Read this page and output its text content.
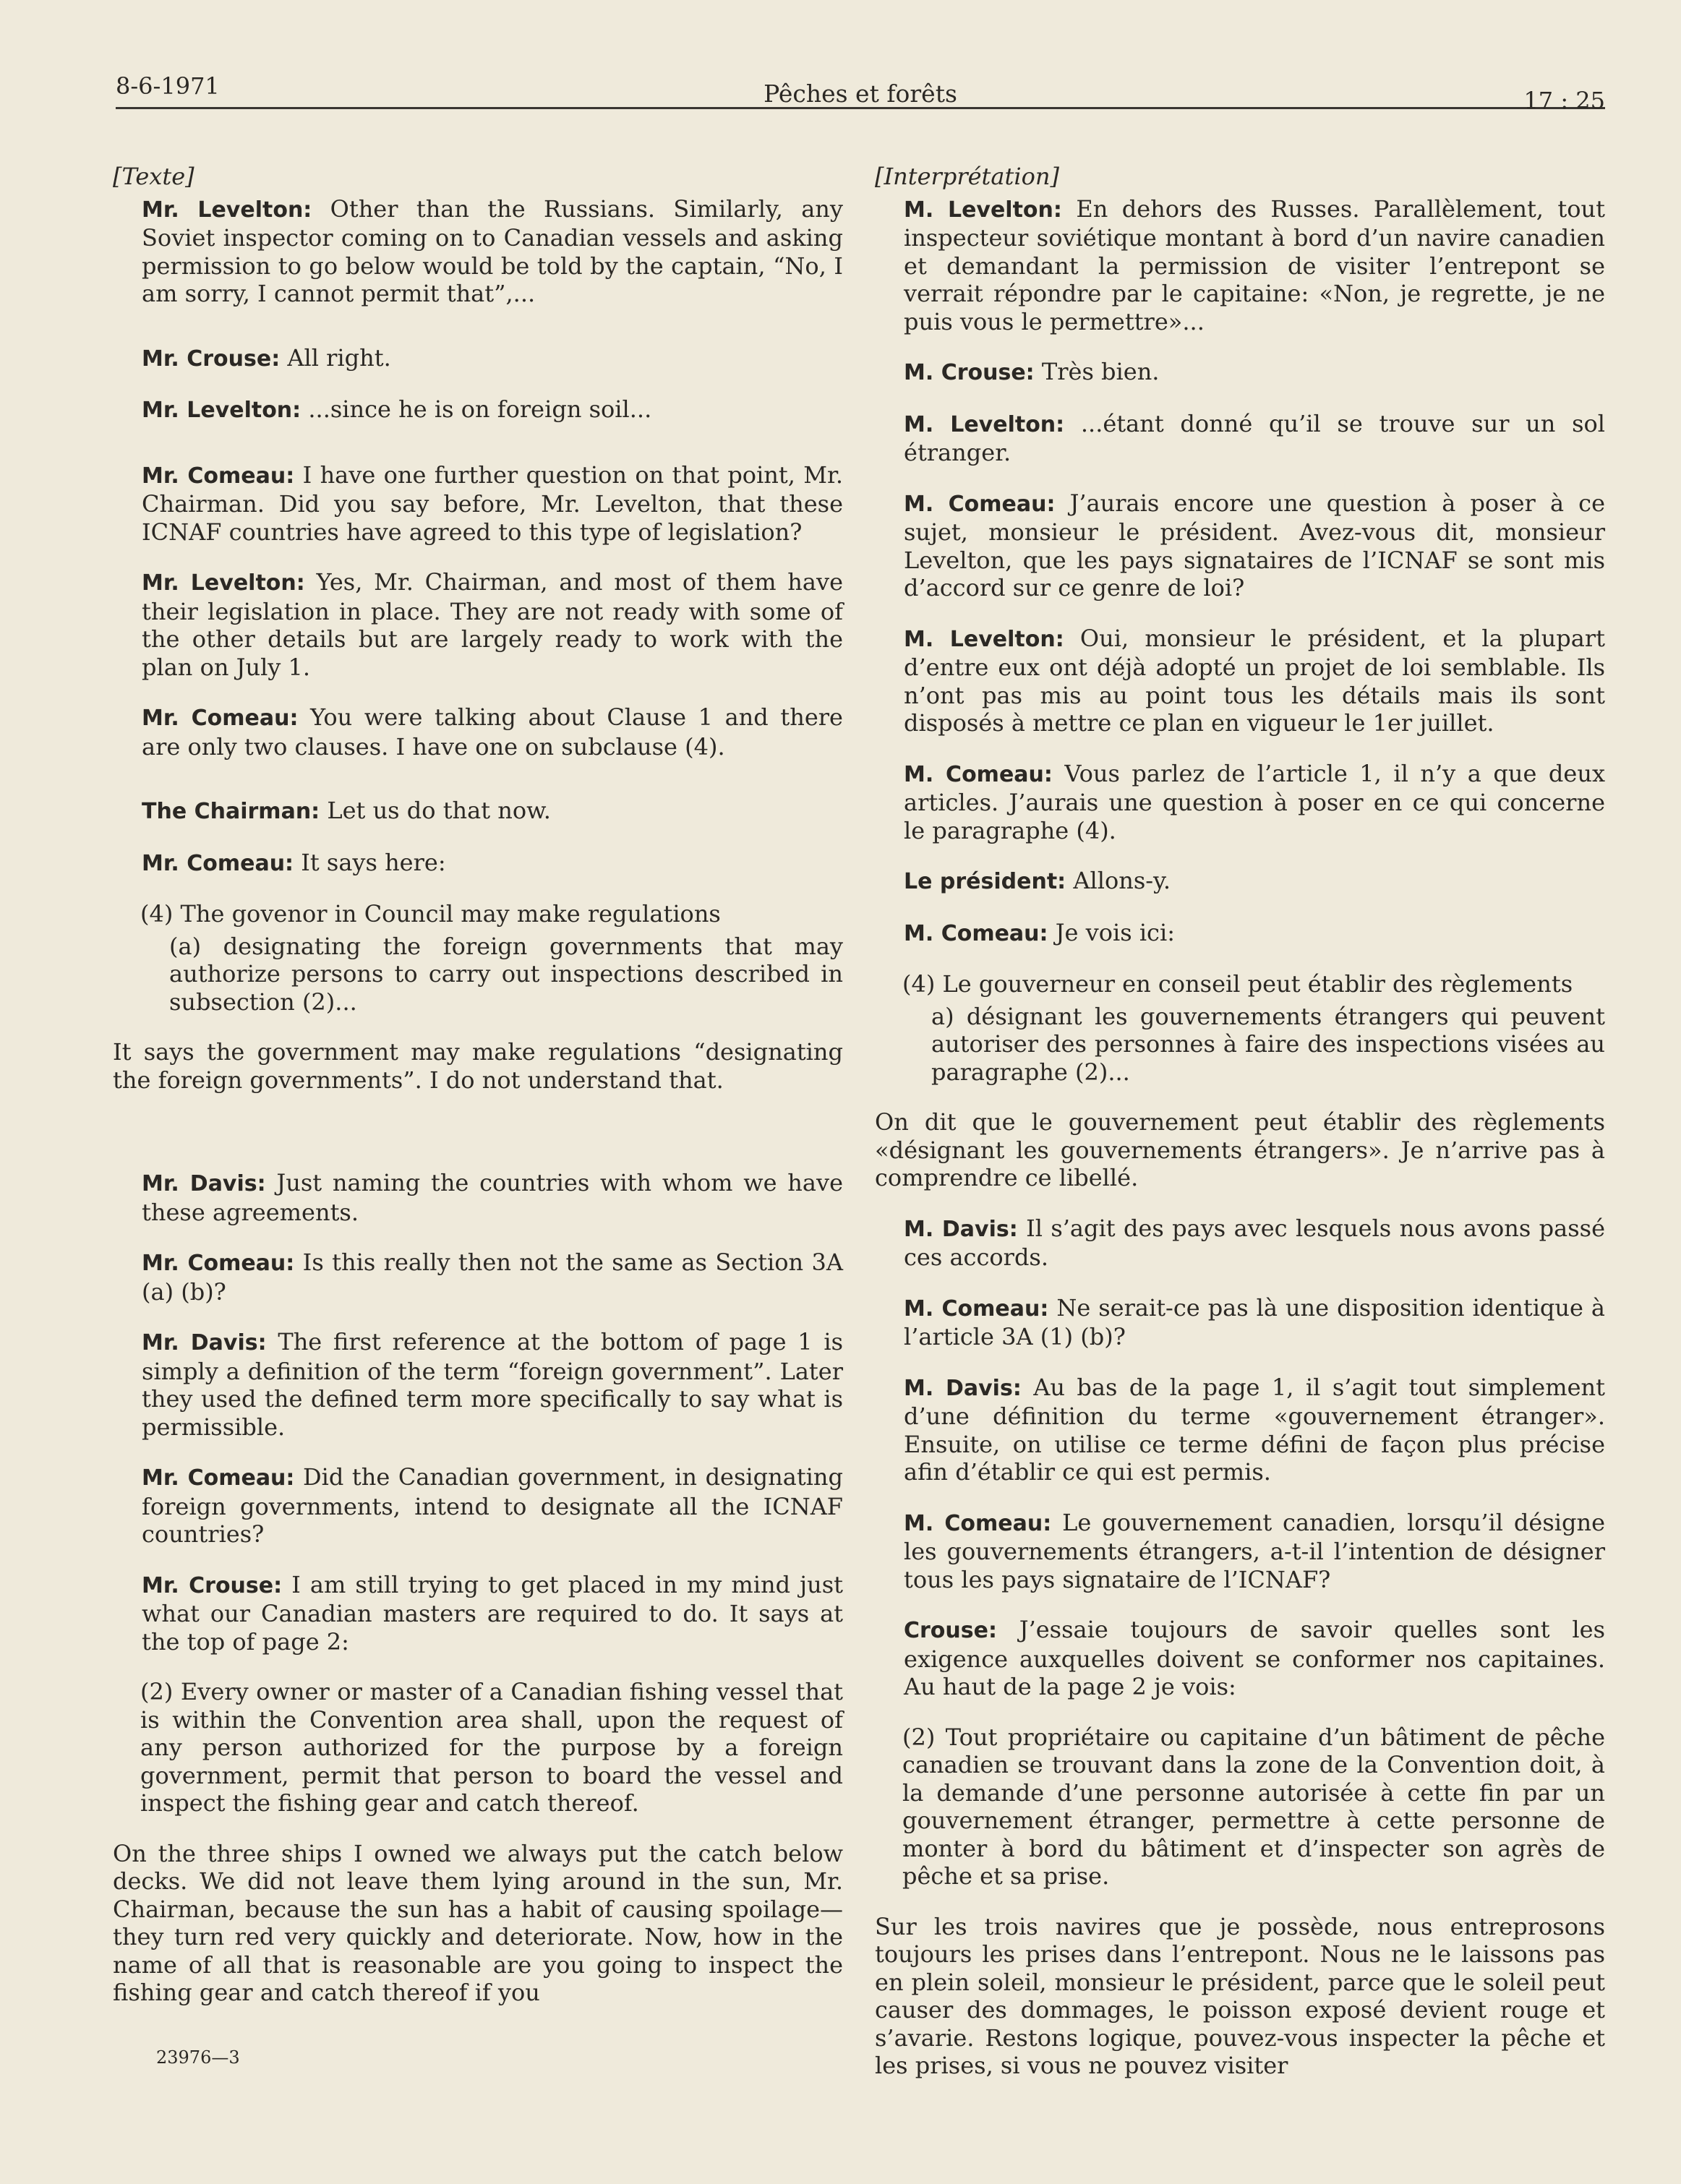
8-6-1971	Pêches et forêts	17 : 25

[Texte]

Mr. Levelton: Other than the Russians. Similarly, any Soviet inspector coming on to Canadian vessels and asking permission to go below would be told by the captain, “No, I am sorry, I cannot permit that”,...

Mr. Crouse: All right.

Mr. Levelton: ...since he is on foreign soil...

Mr. Comeau: I have one further question on that point, Mr. Chairman. Did you say before, Mr. Levelton, that these ICNAF countries have agreed to this type of legislation?

Mr. Levelton: Yes, Mr. Chairman, and most of them have their legislation in place. They are not ready with some of the other details but are largely ready to work with the plan on July 1.

Mr. Comeau: You were talking about Clause 1 and there are only two clauses. I have one on subclause (4).

The Chairman: Let us do that now.

Mr. Comeau: It says here:

(4) The govenor in Council may make regulations

(a) designating the foreign governments that may authorize persons to carry out inspections described in subsection (2)...

It says the government may make regulations “designating the foreign governments”. I do not understand that.

Mr. Davis: Just naming the countries with whom we have these agreements.

Mr. Comeau: Is this really then not the same as Section 3A (a) (b)?

Mr. Davis: The first reference at the bottom of page 1 is simply a definition of the term “foreign government”. Later they used the defined term more specifically to say what is permissible.

Mr. Comeau: Did the Canadian government, in designating foreign governments, intend to designate all the ICNAF countries?

Mr. Crouse: I am still trying to get placed in my mind just what our Canadian masters are required to do. It says at the top of page 2:

(2) Every owner or master of a Canadian fishing vessel that is within the Convention area shall, upon the request of any person authorized for the purpose by a foreign government, permit that person to board the vessel and inspect the fishing gear and catch thereof.

On the three ships I owned we always put the catch below decks. We did not leave them lying around in the sun, Mr. Chairman, because the sun has a habit of causing spoilage—they turn red very quickly and deteriorate. Now, how in the name of all that is reasonable are you going to inspect the fishing gear and catch thereof if you

[Interprétation]

M. Levelton: En dehors des Russes. Parallèlement, tout inspecteur soviétique montant à bord d’un navire canadien et demandant la permission de visiter l’entrepont se verrait répondre par le capitaine: «Non, je regrette, je ne puis vous le permettre»...

M. Crouse: Très bien.

M. Levelton: ...étant donné qu’il se trouve sur un sol étranger.

M. Comeau: J’aurais encore une question à poser à ce sujet, monsieur le président. Avez-vous dit, monsieur Levelton, que les pays signataires de l’ICNAF se sont mis d’accord sur ce genre de loi?

M. Levelton: Oui, monsieur le président, et la plupart d’entre eux ont déjà adopté un projet de loi semblable. Ils n’ont pas mis au point tous les détails mais ils sont disposés à mettre ce plan en vigueur le 1er juillet.

M. Comeau: Vous parlez de l’article 1, il n’y a que deux articles. J’aurais une question à poser en ce qui concerne le paragraphe (4).

Le président: Allons-y.

M. Comeau: Je vois ici:

(4) Le gouverneur en conseil peut établir des règlements

a) désignant les gouvernements étrangers qui peuvent autoriser des personnes à faire des inspections visées au paragraphe (2)...

On dit que le gouvernement peut établir des règlements «désignant les gouvernements étrangers». Je n’arrive pas à comprendre ce libellé.

M. Davis: Il s’agit des pays avec lesquels nous avons passé ces accords.

M. Comeau: Ne serait-ce pas là une disposition identique à l’article 3A (1) (b)?

M. Davis: Au bas de la page 1, il s’agit tout simplement d’une définition du terme «gouvernement étranger». Ensuite, on utilise ce terme défini de façon plus précise afin d’établir ce qui est permis.

M. Comeau: Le gouvernement canadien, lorsqu’il désigne les gouvernements étrangers, a-t-il l’intention de désigner tous les pays signataire de l’ICNAF?

Crouse: J’essaie toujours de savoir quelles sont les exigence auxquelles doivent se conformer nos capitaines. Au haut de la page 2 je vois:

(2) Tout propriétaire ou capitaine d’un bâtiment de pêche canadien se trouvant dans la zone de la Convention doit, à la demande d’une personne autorisée à cette fin par un gouvernement étranger, permettre à cette personne de monter à bord du bâtiment et d’inspecter son agrès de pêche et sa prise.

Sur les trois navires que je possède, nous entreprosons toujours les prises dans l’entrepont. Nous ne le laissons pas en plein soleil, monsieur le président, parce que le soleil peut causer des dommages, le poisson exposé devient rouge et s’avarie. Restons logique, pouvez-vous inspecter la pêche et les prises, si vous ne pouvez visiter

23976—3
